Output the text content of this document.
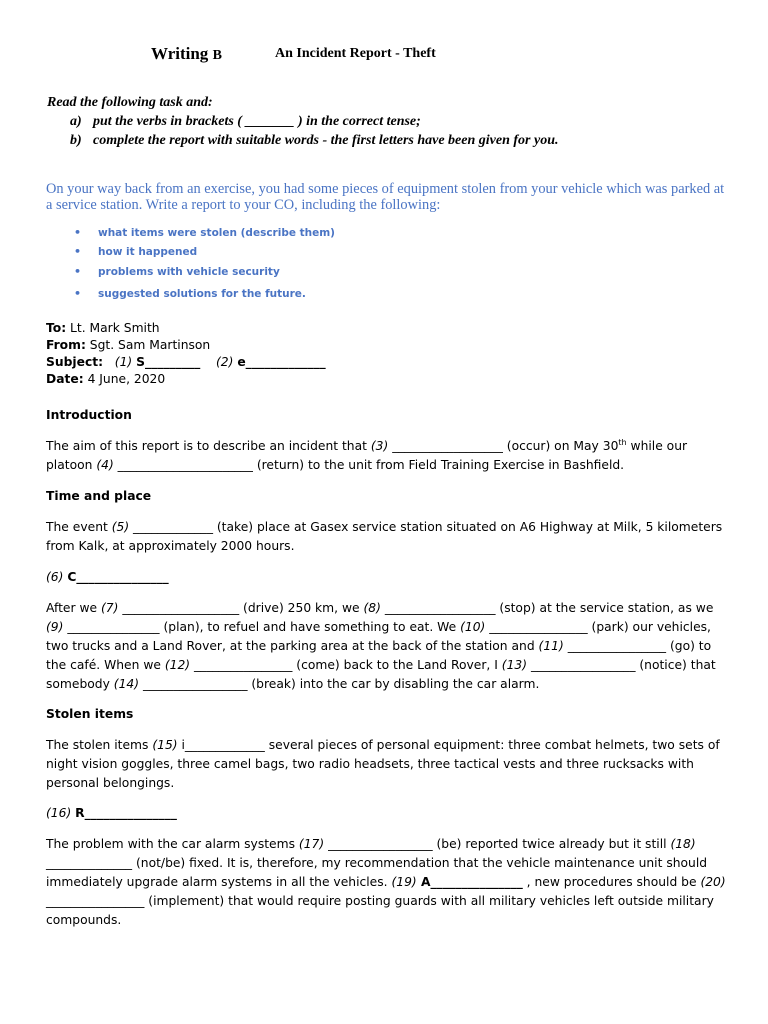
Writing B	An Incident Report - Theft
Read the following task and:
a) put the verbs in brackets ( _______ ) in the correct tense;
b) complete the report with suitable words - the first letters have been given for you.
On your way back from an exercise, you had some pieces of equipment stolen from your vehicle which was parked at a service station. Write a report to your CO, including the following:
• what items were stolen (describe them)
• how it happened
• problems with vehicle security
• suggested solutions for the future.
To: Lt. Mark Smith
From: Sgt. Sam Martinson
Subject: (1) S_________ (2) e_____________
Date: 4 June, 2020
Introduction
The aim of this report is to describe an incident that (3) __________________ (occur) on May 30th while our platoon (4) ______________________ (return) to the unit from Field Training Exercise in Bashfield.
Time and place
The event (5) _____________ (take) place at Gasex service station situated on A6 Highway at Milk, 5 kilometers from Kalk, at approximately 2000 hours.
(6) C_______________
After we (7) ___________________ (drive) 250 km, we (8) __________________ (stop) at the service station, as we (9) _______________ (plan), to refuel and have something to eat. We (10) ________________ (park) our vehicles, two trucks and a Land Rover, at the parking area at the back of the station and (11) ________________ (go) to the café. When we (12) ________________ (come) back to the Land Rover, I (13) _________________ (notice) that somebody (14) _________________ (break) into the car by disabling the car alarm.
Stolen items
The stolen items (15) i_____________ several pieces of personal equipment: three combat helmets, two sets of night vision goggles, three camel bags, two radio headsets, three tactical vests and three rucksacks with personal belongings.
(16) R_______________
The problem with the car alarm systems (17) _________________ (be) reported twice already but it still (18) ______________ (not/be) fixed. It is, therefore, my recommendation that the vehicle maintenance unit should immediately upgrade alarm systems in all the vehicles. (19) A_______________ , new procedures should be (20) ________________ (implement) that would require posting guards with all military vehicles left outside military compounds.
